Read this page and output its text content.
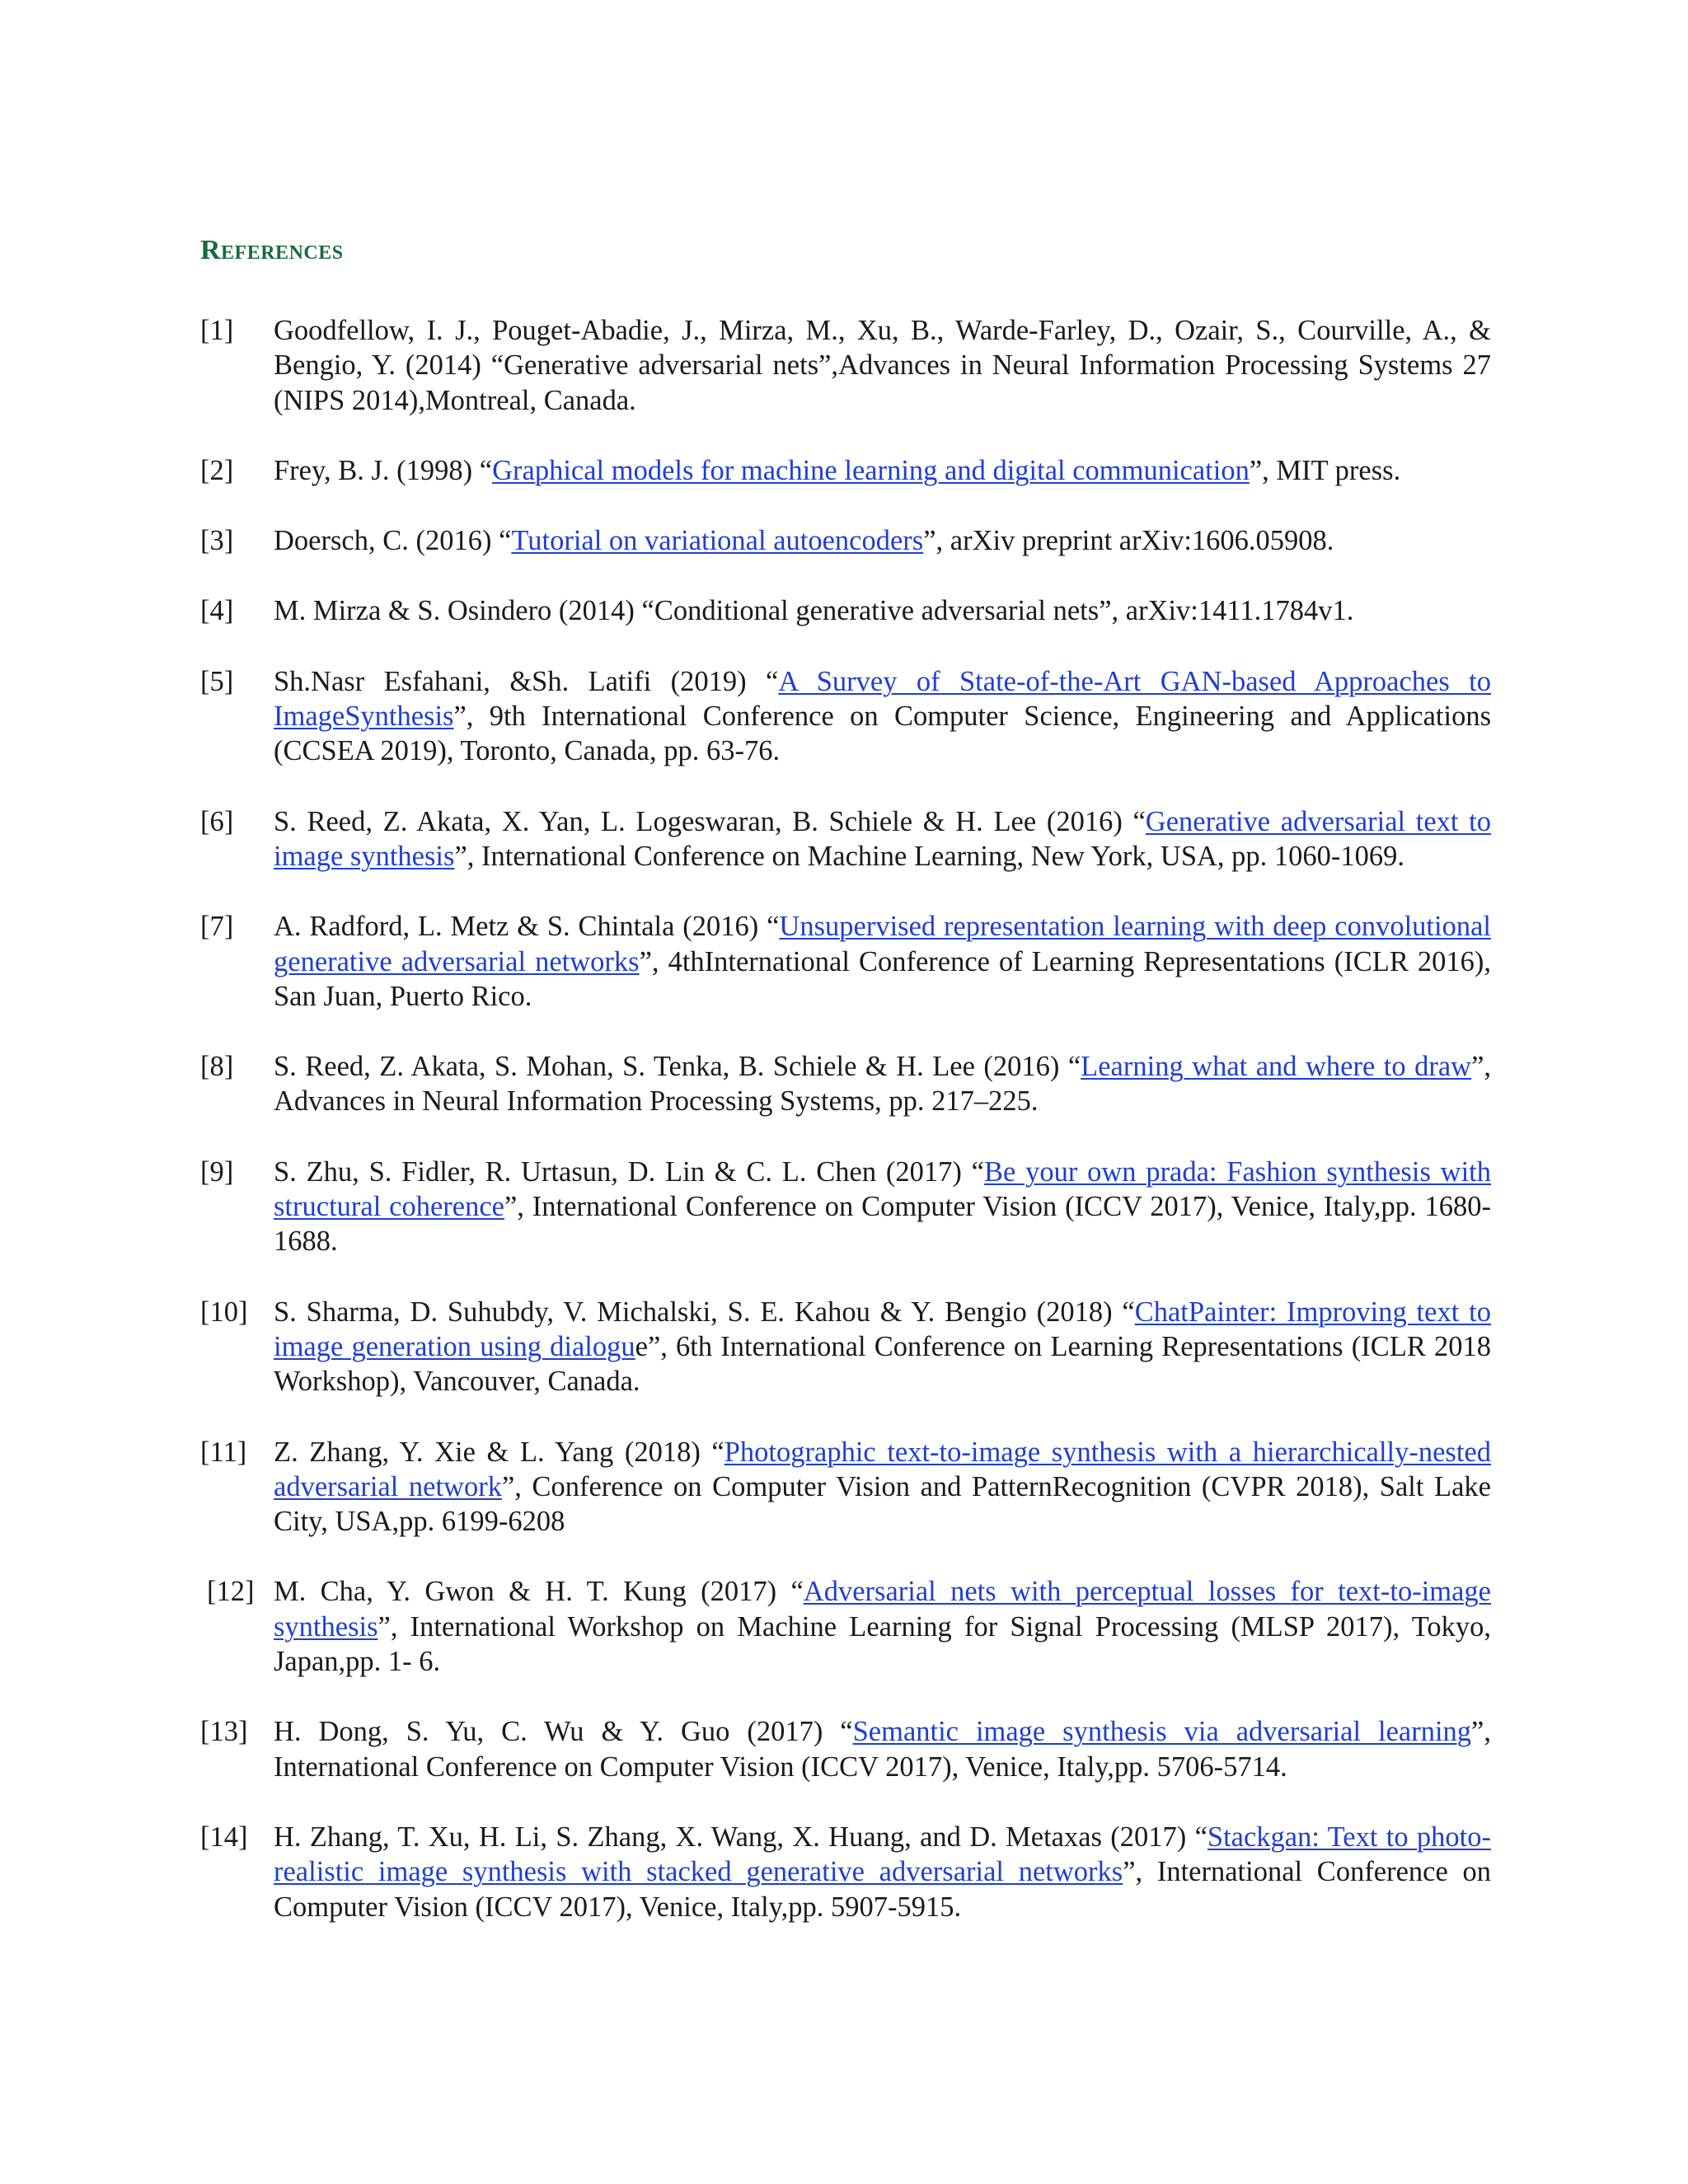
References
[1] Goodfellow, I. J., Pouget-Abadie, J., Mirza, M., Xu, B., Warde-Farley, D., Ozair, S., Courville, A., & Bengio, Y. (2014) “Generative adversarial nets”,Advances in Neural Information Processing Systems 27 (NIPS 2014),Montreal, Canada.
[2] Frey, B. J. (1998) “Graphical models for machine learning and digital communication”, MIT press.
[3] Doersch, C. (2016) “Tutorial on variational autoencoders”, arXiv preprint arXiv:1606.05908.
[4] M. Mirza & S. Osindero (2014) “Conditional generative adversarial nets”, arXiv:1411.1784v1.
[5] Sh.Nasr Esfahani, &Sh. Latifi (2019) “A Survey of State-of-the-Art GAN-based Approaches to ImageSynthesis”, 9th International Conference on Computer Science, Engineering and Applications (CCSEA 2019), Toronto, Canada, pp. 63-76.
[6] S. Reed, Z. Akata, X. Yan, L. Logeswaran, B. Schiele & H. Lee (2016) “Generative adversarial text to image synthesis”, International Conference on Machine Learning, New York, USA, pp. 1060-1069.
[7] A. Radford, L. Metz & S. Chintala (2016) “Unsupervised representation learning with deep convolutional generative adversarial networks”, 4thInternational Conference of Learning Representations (ICLR 2016), San Juan, Puerto Rico.
[8] S. Reed, Z. Akata, S. Mohan, S. Tenka, B. Schiele & H. Lee (2016) “Learning what and where to draw”, Advances in Neural Information Processing Systems, pp. 217–225.
[9] S. Zhu, S. Fidler, R. Urtasun, D. Lin & C. L. Chen (2017) “Be your own prada: Fashion synthesis with structural coherence”, International Conference on Computer Vision (ICCV 2017), Venice, Italy,pp. 1680-1688.
[10] S. Sharma, D. Suhubdy, V. Michalski, S. E. Kahou & Y. Bengio (2018) “ChatPainter: Improving text to image generation using dialogue”, 6th International Conference on Learning Representations (ICLR 2018 Workshop), Vancouver, Canada.
[11] Z. Zhang, Y. Xie & L. Yang (2018) “Photographic text-to-image synthesis with a hierarchically-nested adversarial network”, Conference on Computer Vision and PatternRecognition (CVPR 2018), Salt Lake City, USA,pp. 6199-6208
[12] M. Cha, Y. Gwon & H. T. Kung (2017) “Adversarial nets with perceptual losses for text-to-image synthesis”, International Workshop on Machine Learning for Signal Processing (MLSP 2017), Tokyo, Japan,pp. 1- 6.
[13] H. Dong, S. Yu, C. Wu & Y. Guo (2017) “Semantic image synthesis via adversarial learning”, International Conference on Computer Vision (ICCV 2017), Venice, Italy,pp. 5706-5714.
[14] H. Zhang, T. Xu, H. Li, S. Zhang, X. Wang, X. Huang, and D. Metaxas (2017) “Stackgan: Text to photo-realistic image synthesis with stacked generative adversarial networks”, International Conference on Computer Vision (ICCV 2017), Venice, Italy,pp. 5907-5915.
